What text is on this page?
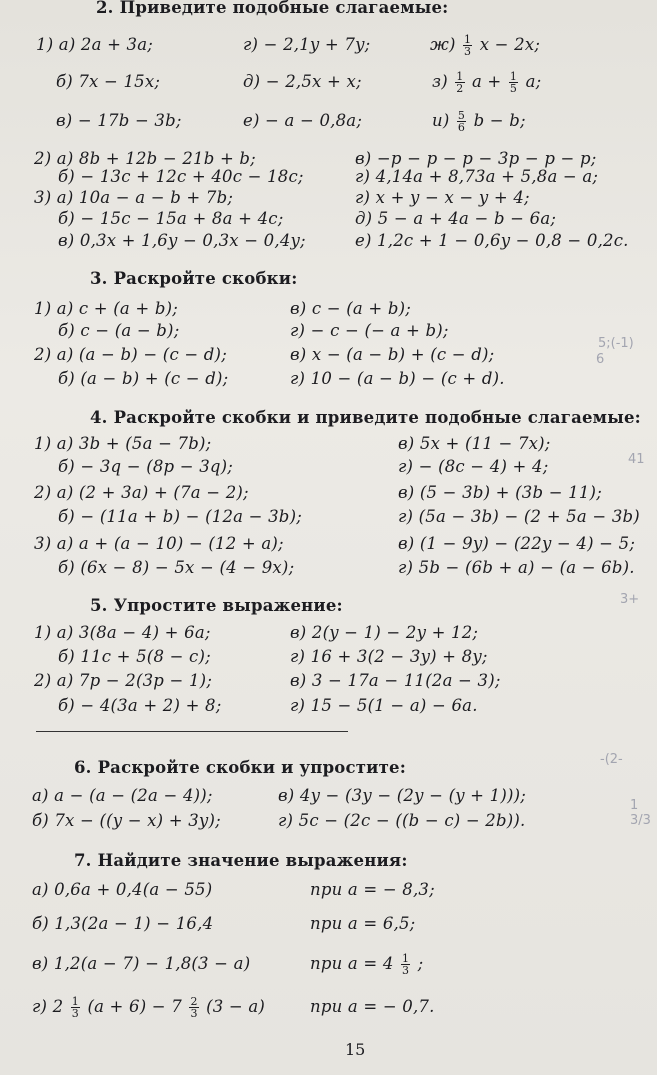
2. Приведите подобные слагаемые:
1) а) 2a + 3a;	г) − 2,1y + 7y;	$ж) \frac{1}{3}$ x − 2x;
б) 7x − 15x;	д) − 2,5x + x;	$з) \frac{1}{2}$ $a + \frac{1}{5} a$;
в) − 17b − 3b;	е) − a − 0,8a;	$и) \frac{5}{6}$ b − b;
2) а) 8b + 12b − 21b + b;	в) −p − p − p − 3p − p − p;
б) − 13c + 12c + 40c − 18c;	г) 4,14a + 8,73a + 5,8a − a;
3) а) 10a − a − b + 7b;	г) x + y − x − y + 4;
б) − 15c − 15a + 8a + 4c;	д) 5 − a + 4a − b − 6a;
в) 0,3x + 1,6y − 0,3x − 0,4y;	е) 1,2c + 1 − 0,6y − 0,8 − 0,2c.
3. Раскройте скобки:
1) а) c + (a + b);	в) c − (a + b);
б) c − (a − b);	г) − c − (− a + b);
2) а) (a − b) − (c − d);	в) x − (a − b) + (c − d);
б) (a − b) + (c − d);	г) 10 − (a − b) − (c + d).
4. Раскройте скобки и приведите подобные слагаемые:
1) а) 3b + (5a − 7b);	в) 5x + (11 − 7x);
б) − 3q − (8p − 3q);	г) − (8c − 4) + 4;
2) а) (2 + 3a) + (7a − 2);	в) (5 − 3b) + (3b − 11);
б) − (11a + b) − (12a − 3b);	г) (5a − 3b) − (2 + 5a − 3b)
3) а) a + (a − 10) − (12 + a);	в) (1 − 9y) − (22y − 4) − 5;
б) (6x − 8) − 5x − (4 − 9x);	г) 5b − (6b + a) − (a − 6b).
5. Упростите выражение:
1) а) 3(8a − 4) + 6a;	в) 2(y − 1) − 2y + 12;
б) 11c + 5(8 − c);	г) 16 + 3(2 − 3y) + 8y;
2) а) 7p − 2(3p − 1);	в) 3 − 17a − 11(2a − 3);
б) − 4(3a + 2) + 8;	г) 15 − 5(1 − a) − 6a.
6. Раскройте скобки и упростите:
а) a − (a − (2a − 4));	в) 4y − (3y − (2y − (y + 1)));
б) 7x − ((y − x) + 3y);	г) 5c − (2c − ((b − c) − 2b)).
7. Найдите значение выражения:
а) 0,6a + 0,4(a − 55)	при a = − 8,3;
б) 1,3(2a − 1) − 16,4	при a = 6,5;
в) 1,2(a − 7) − 1,8(3 − a)	при $a = 4 \frac{1}{3}$ ;
г) $2 \frac{1}{3} (a + 6) - 7 \frac{2}{3} (3 - a)$	при a = − 0,7.
15
5;(-1)
6
41
3+
-(2-
1 3/3
